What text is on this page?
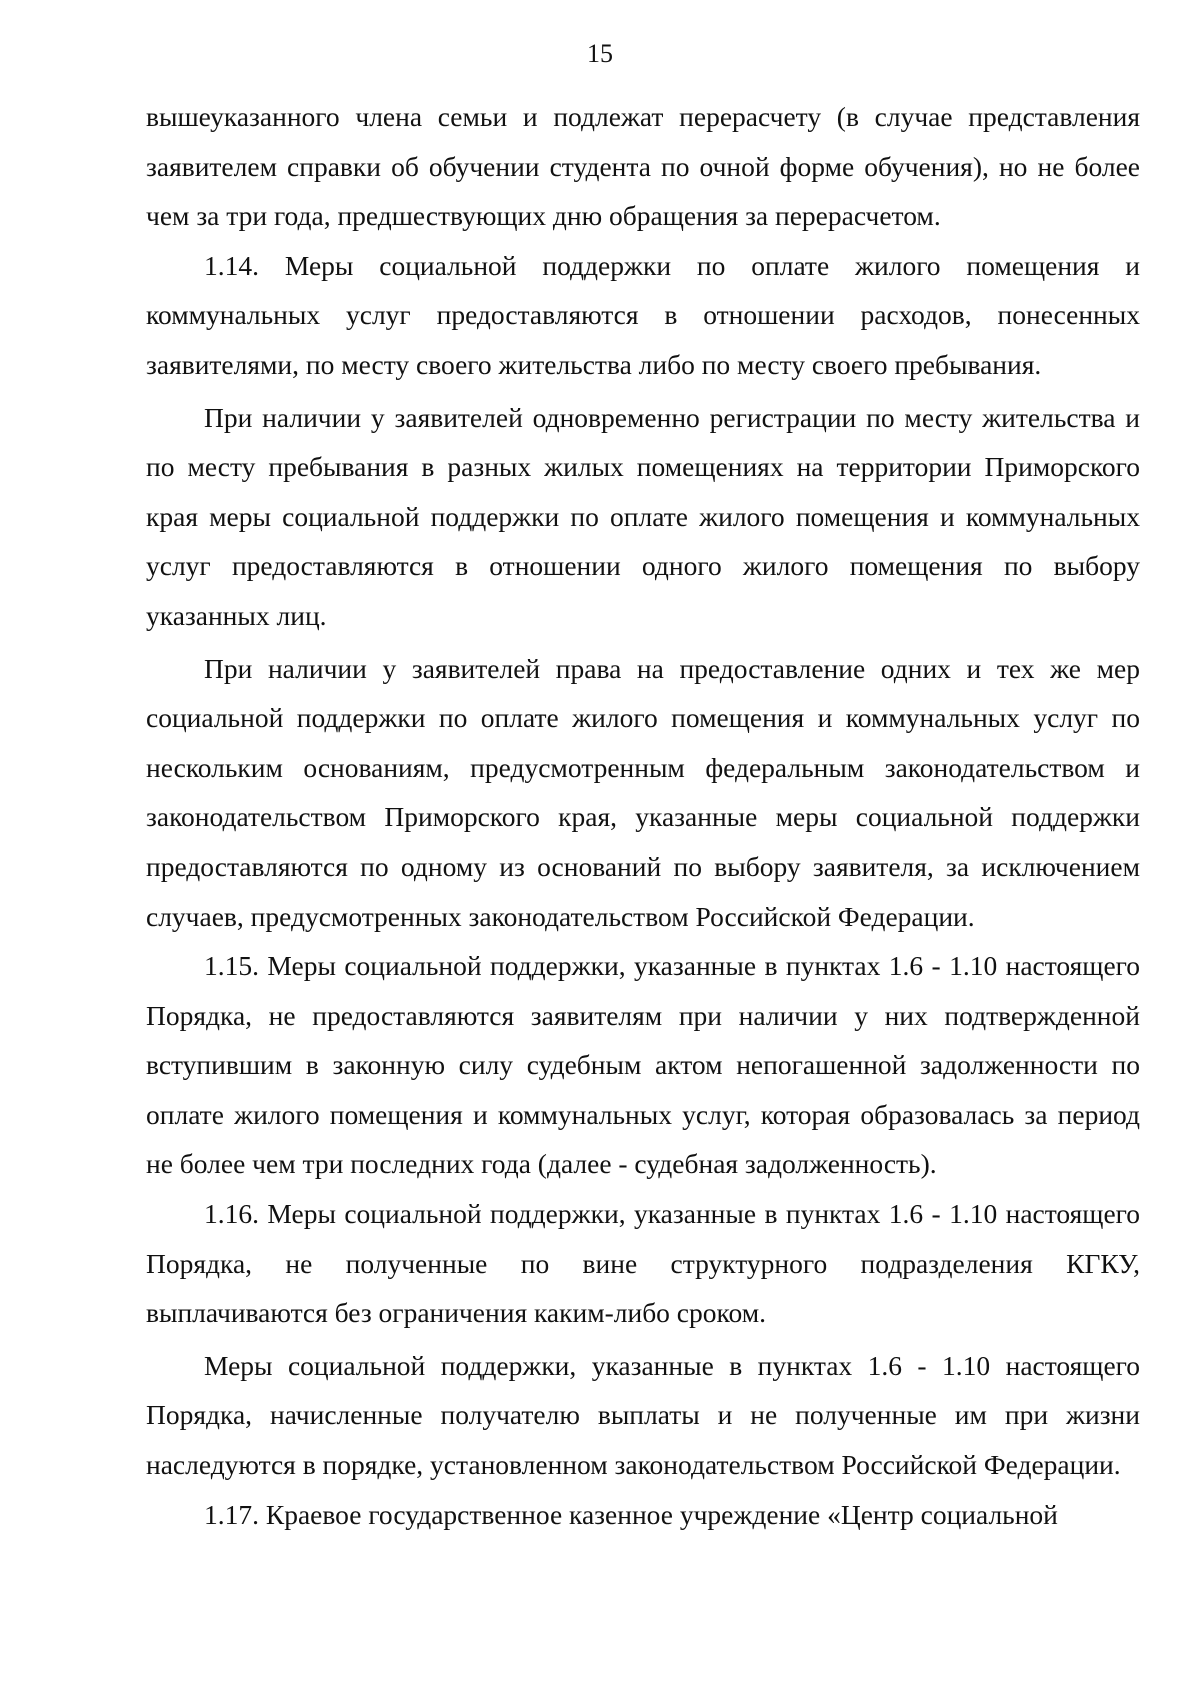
15

вышеуказанного члена семьи и подлежат перерасчету (в случае представления заявителем справки об обучении студента по очной форме обучения), но не более чем за три года, предшествующих дню обращения за перерасчетом.

1.14. Меры социальной поддержки по оплате жилого помещения и коммунальных услуг предоставляются в отношении расходов, понесенных заявителями, по месту своего жительства либо по месту своего пребывания.

При наличии у заявителей одновременно регистрации по месту жительства и по месту пребывания в разных жилых помещениях на территории Приморского края меры социальной поддержки по оплате жилого помещения и коммунальных услуг предоставляются в отношении одного жилого помещения по выбору указанных лиц.

При наличии у заявителей права на предоставление одних и тех же мер социальной поддержки по оплате жилого помещения и коммунальных услуг по нескольким основаниям, предусмотренным федеральным законодательством и законодательством Приморского края, указанные меры социальной поддержки предоставляются по одному из оснований по выбору заявителя, за исключением случаев, предусмотренных законодательством Российской Федерации.

1.15. Меры социальной поддержки, указанные в пунктах 1.6 - 1.10 настоящего Порядка, не предоставляются заявителям при наличии у них подтвержденной вступившим в законную силу судебным актом непогашенной задолженности по оплате жилого помещения и коммунальных услуг, которая образовалась за период не более чем три последних года (далее - судебная задолженность).

1.16. Меры социальной поддержки, указанные в пунктах 1.6 - 1.10 настоящего Порядка, не полученные по вине структурного подразделения КГКУ, выплачиваются без ограничения каким-либо сроком.

Меры социальной поддержки, указанные в пунктах 1.6 - 1.10 настоящего Порядка, начисленные получателю выплаты и не полученные им при жизни наследуются в порядке, установленном законодательством Российской Федерации.

1.17. Краевое государственное казенное учреждение «Центр социальной
